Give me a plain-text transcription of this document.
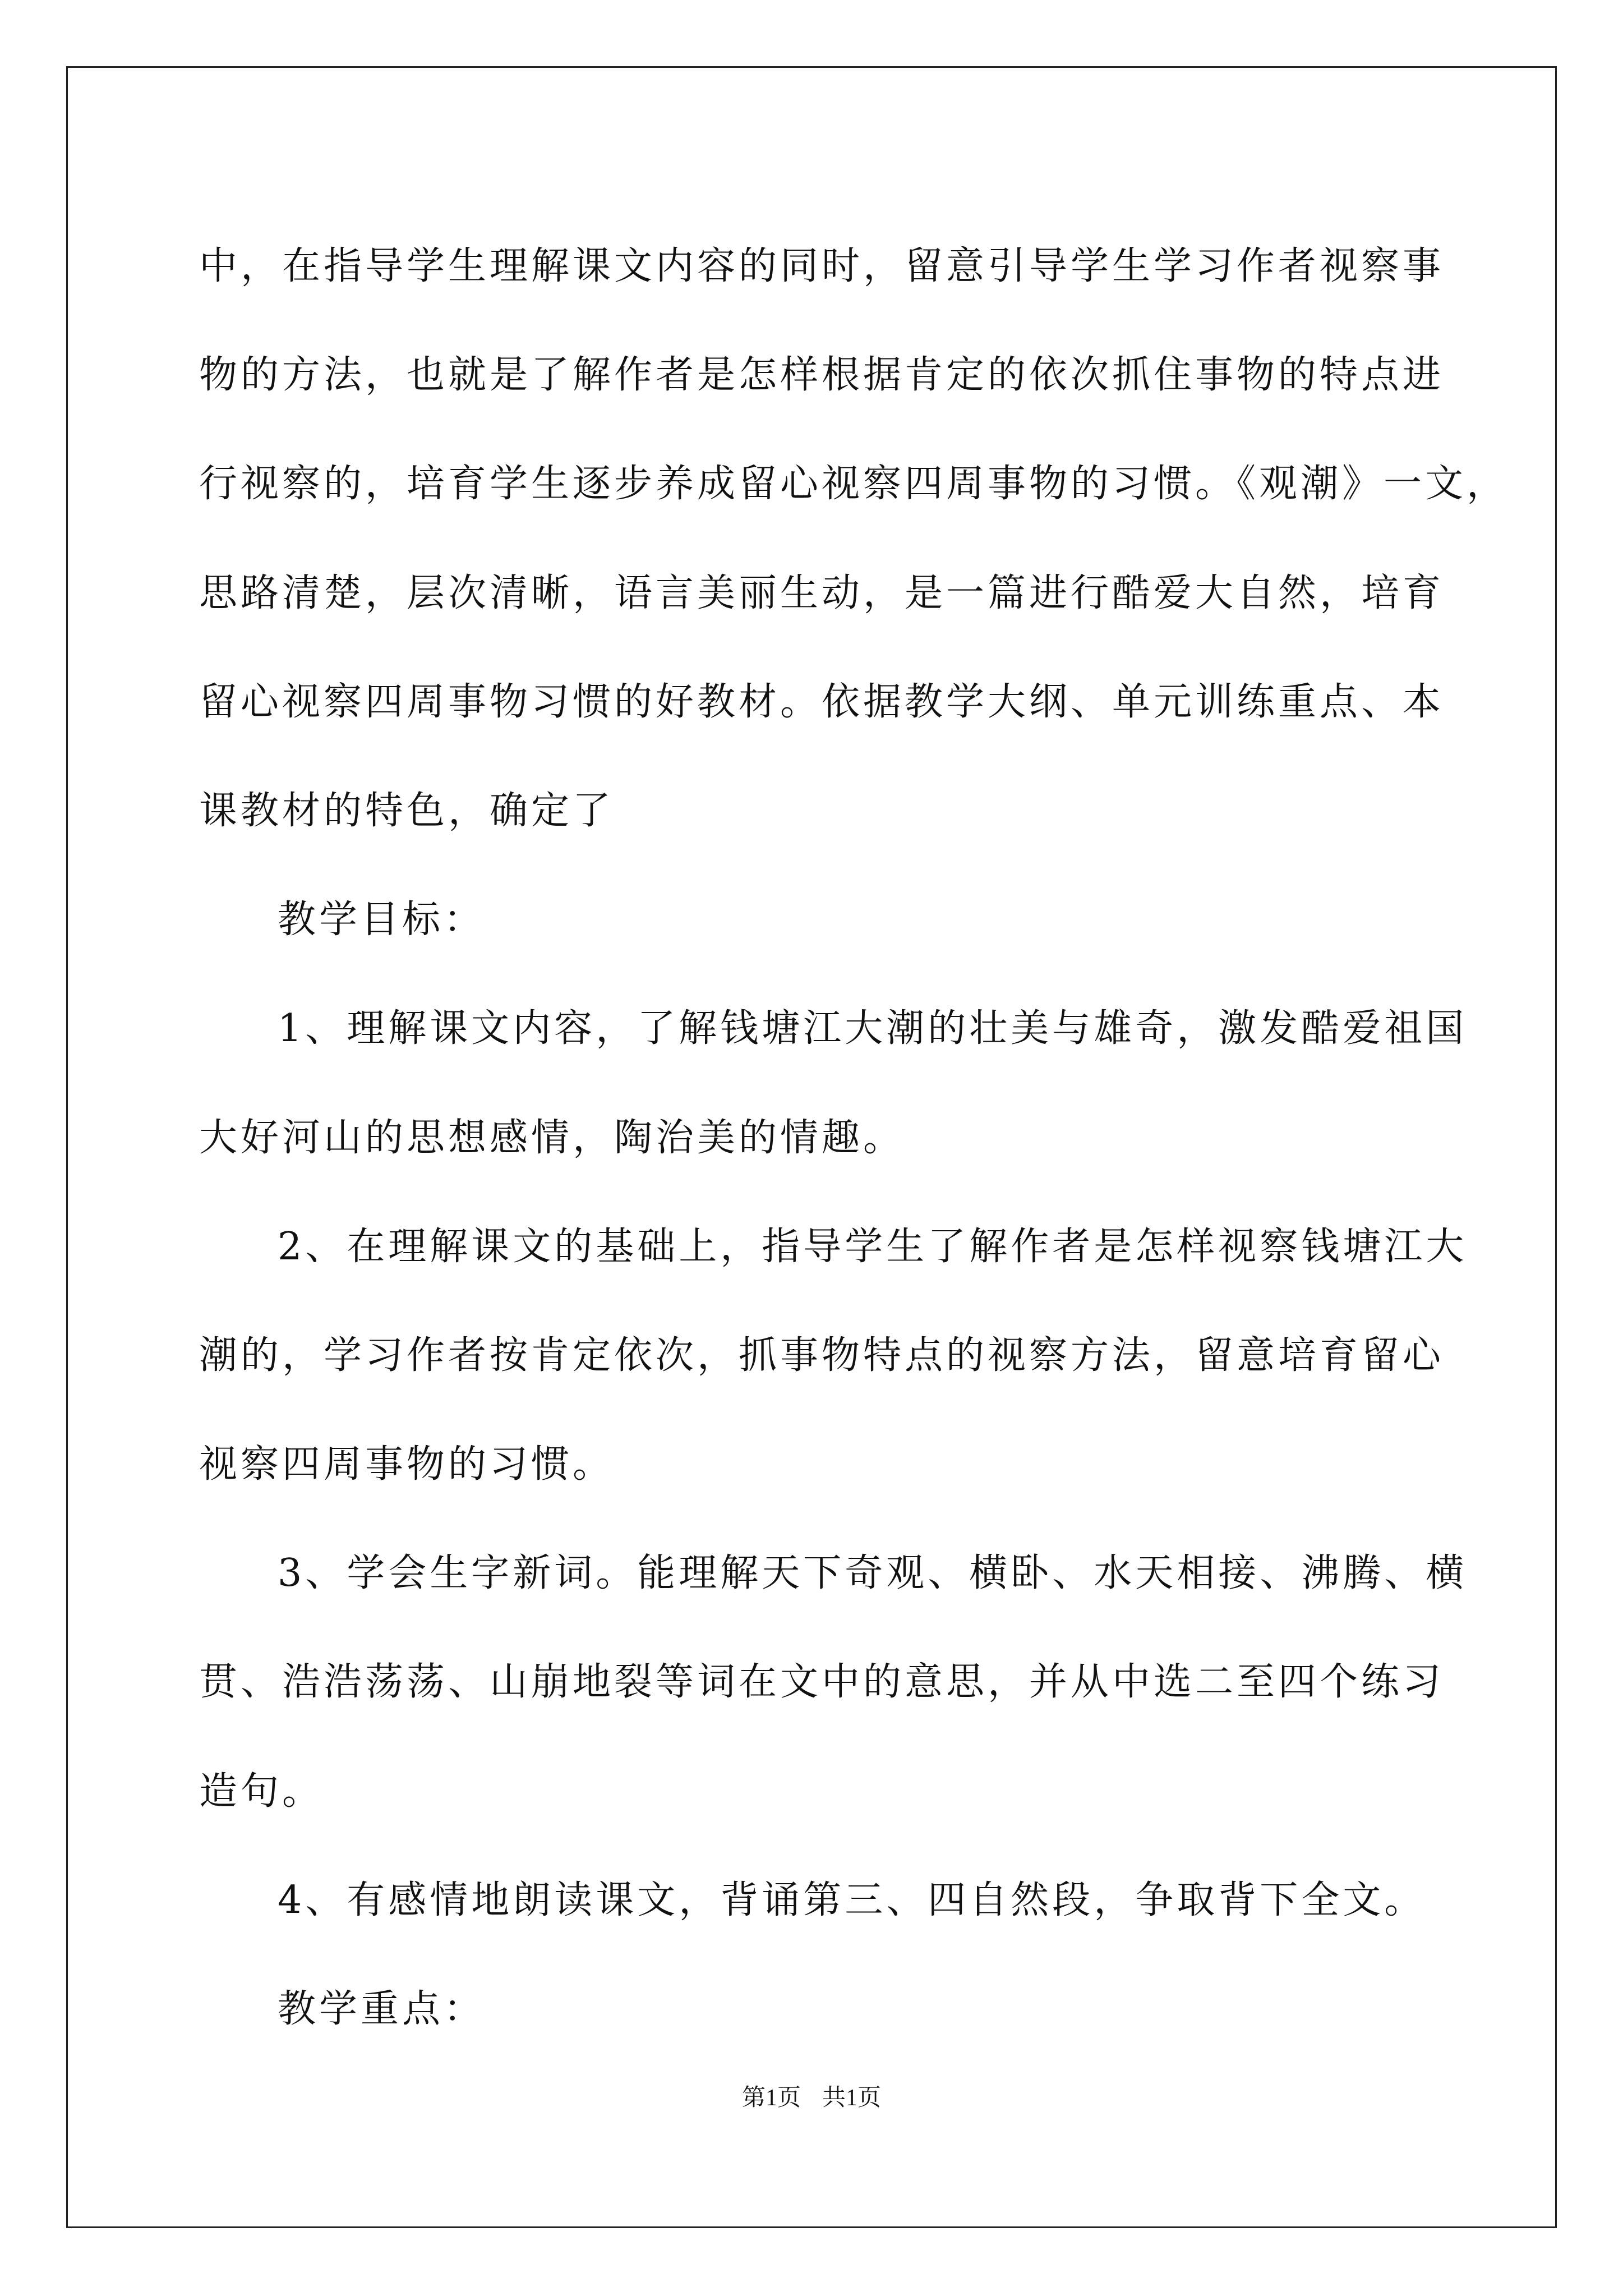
中，在指导学生理解课文内容的同时，留意引导学生学习作者视察事
物的方法，也就是了解作者是怎样根据肯定的依次抓住事物的特点进
行视察的，培育学生逐步养成留心视察四周事物的习惯。《观潮》一文，
思路清楚，层次清晰，语言美丽生动，是一篇进行酷爱大自然，培育
留心视察四周事物习惯的好教材。依据教学大纲、单元训练重点、本
课教材的特色，确定了
教学目标：
1、理解课文内容，了解钱塘江大潮的壮美与雄奇，激发酷爱祖国
大好河山的思想感情，陶治美的情趣。
2、在理解课文的基础上，指导学生了解作者是怎样视察钱塘江大
潮的，学习作者按肯定依次，抓事物特点的视察方法，留意培育留心
视察四周事物的习惯。
3、学会生字新词。能理解天下奇观、横卧、水天相接、沸腾、横
贯、浩浩荡荡、山崩地裂等词在文中的意思，并从中选二至四个练习
造句。
4、有感情地朗读课文，背诵第三、四自然段，争取背下全文。
教学重点：
第1页 共1页
